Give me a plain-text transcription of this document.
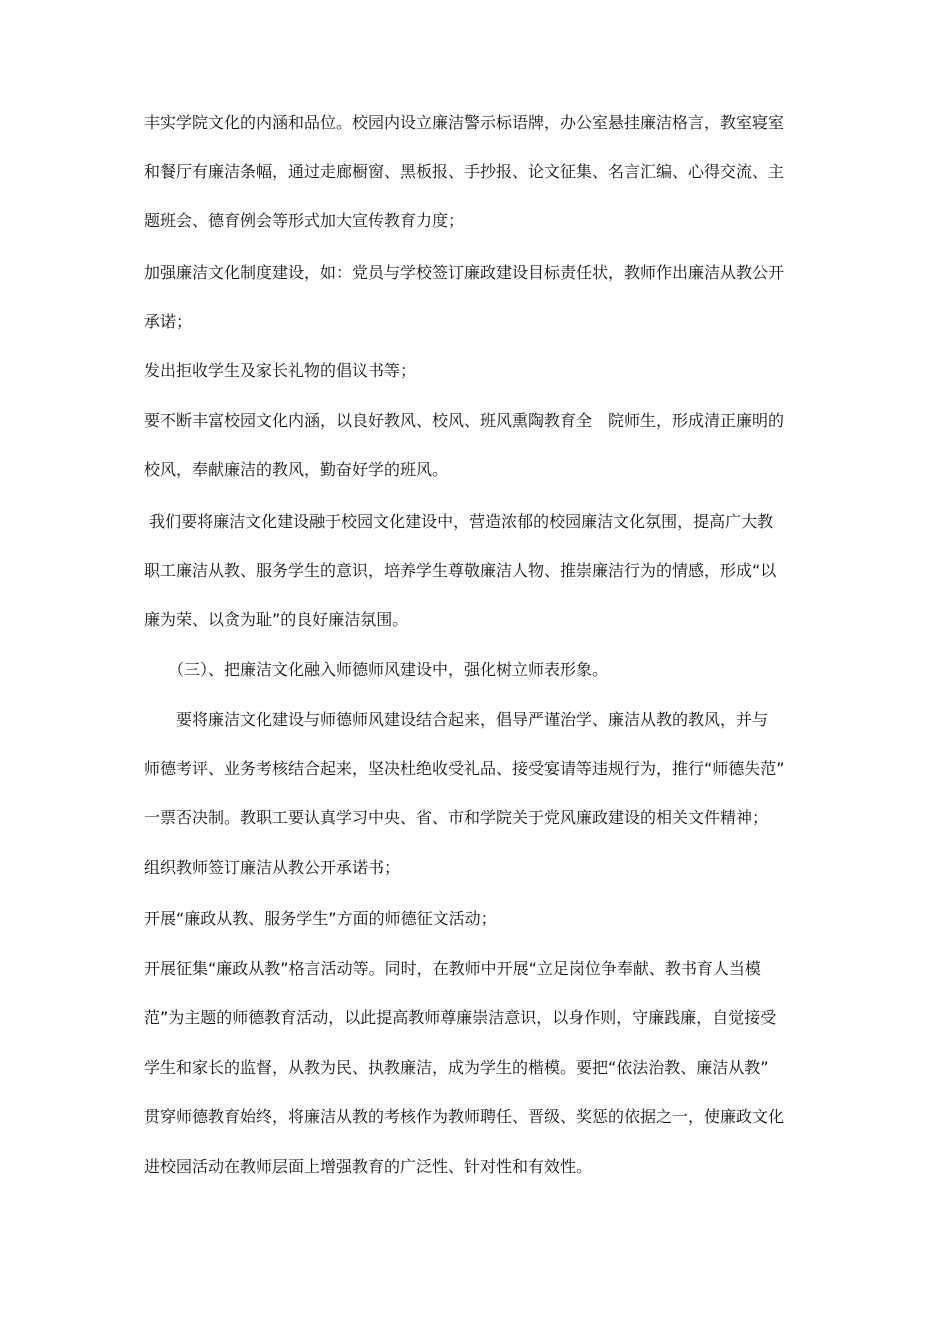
丰实学院文化的内涵和品位。校园内设立廉洁警示标语牌，办公室悬挂廉洁格言，教室寝室
和餐厅有廉洁条幅，通过走廊橱窗、黑板报、手抄报、论文征集、名言汇编、心得交流、主
题班会、德育例会等形式加大宣传教育力度；
加强廉洁文化制度建设，如：党员与学校签订廉政建设目标责任状，教师作出廉洁从教公开
承诺；
发出拒收学生及家长礼物的倡议书等；
要不断丰富校园文化内涵，以良好教风、校风、班风熏陶教育全　院师生，形成清正廉明的
校风，奉献廉洁的教风，勤奋好学的班风。
我们要将廉洁文化建设融于校园文化建设中，营造浓郁的校园廉洁文化氛围，提高广大教
职工廉洁从教、服务学生的意识，培养学生尊敬廉洁人物、推崇廉洁行为的情感，形成“以
廉为荣、以贪为耻”的良好廉洁氛围。
　　（三）、把廉洁文化融入师德师风建设中，强化树立师表形象。
　　要将廉洁文化建设与师德师风建设结合起来，倡导严谨治学、廉洁从教的教风，并与
师德考评、业务考核结合起来，坚决杜绝收受礼品、接受宴请等违规行为，推行“师德失范”
一票否决制。教职工要认真学习中央、省、市和学院关于党风廉政建设的相关文件精神；
组织教师签订廉洁从教公开承诺书；
开展“廉政从教、服务学生”方面的师德征文活动；
开展征集“廉政从教”格言活动等。同时，在教师中开展“立足岗位争奉献、教书育人当模
范”为主题的师德教育活动，以此提高教师尊廉崇洁意识，以身作则，守廉践廉，自觉接受
学生和家长的监督，从教为民、执教廉洁，成为学生的楷模。要把“依法治教、廉洁从教”
贯穿师德教育始终，将廉洁从教的考核作为教师聘任、晋级、奖惩的依据之一，使廉政文化
进校园活动在教师层面上增强教育的广泛性、针对性和有效性。
